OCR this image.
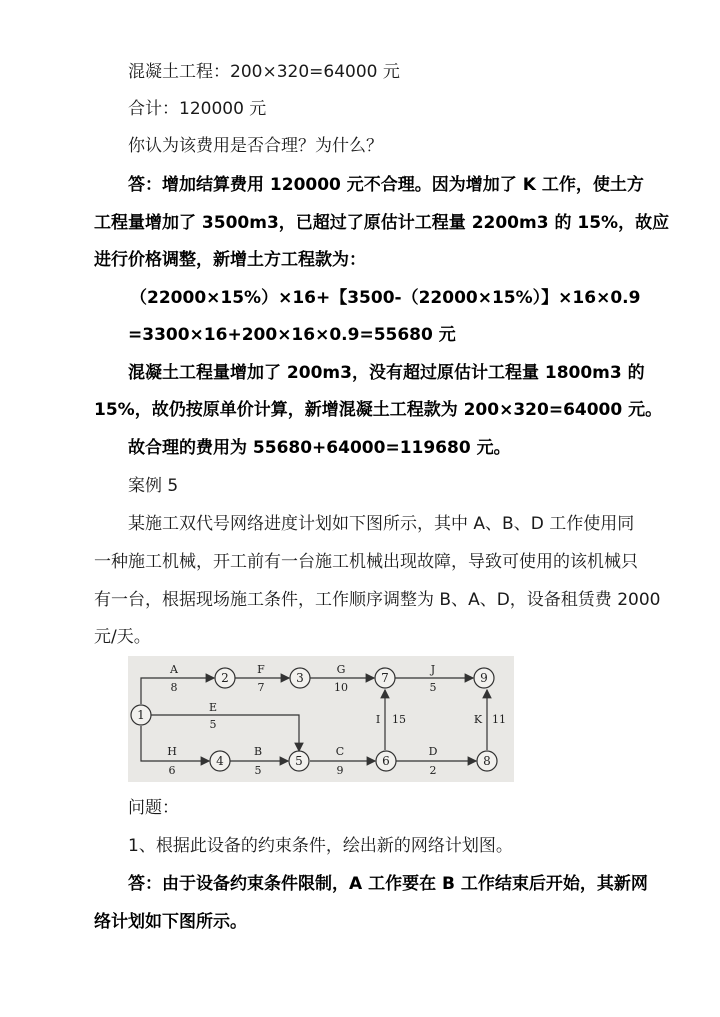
混凝土工程：200×320=64000 元
合计：120000 元
你认为该费用是否合理？为什么？
答：增加结算费用 120000 元不合理。因为增加了 K 工作，使土方
工程量增加了 3500m3，已超过了原估计工程量 2200m3 的 15%，故应
进行价格调整，新增土方工程款为：
（22000×15%）×16+【3500-（22000×15%）】×16×0.9
=3300×16+200×16×0.9=55680 元
混凝土工程量增加了 200m3，没有超过原估计工程量 1800m3 的
15%，故仍按原单价计算，新增混凝土工程款为 200×320=64000 元。
故合理的费用为 55680+64000=119680 元。
案例 5
某施工双代号网络进度计划如下图所示，其中 A、B、D 工作使用同
一种施工机械，开工前有一台施工机械出现故障，导致可使用的该机械只
有一台，根据现场施工条件，工作顺序调整为 B、A、D，设备租赁费 2000
元/天。
1
2	3
4	5	6
7
8
9
A
8
F
7
G
10
J
5
E
5
H
6
B
5
C
9
D
2
I 15	K 11
问题：
1、根据此设备的约束条件，绘出新的网络计划图。
答：由于设备约束条件限制，A 工作要在 B 工作结束后开始，其新网
络计划如下图所示。
